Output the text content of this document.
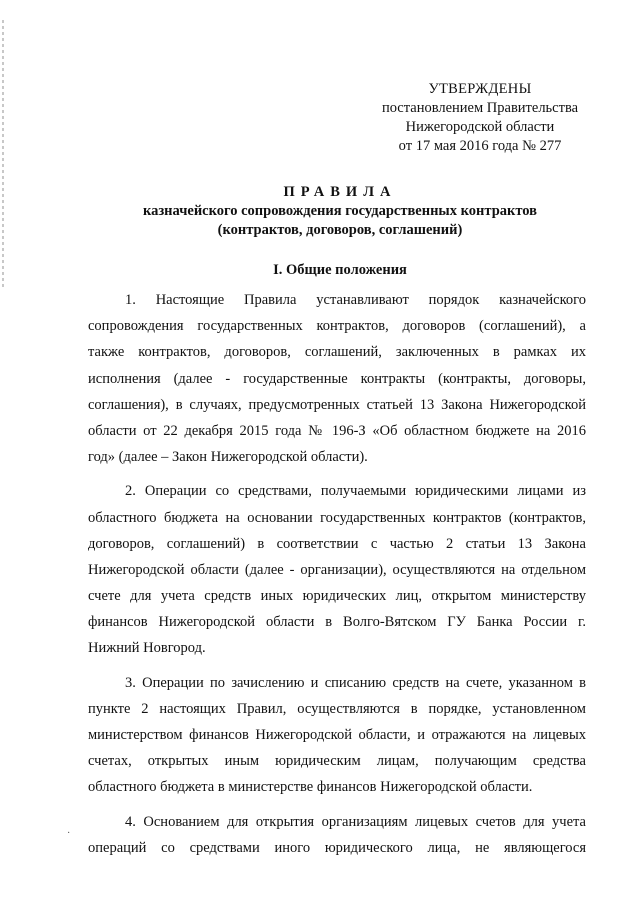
УТВЕРЖДЕНЫ
постановлением Правительства
Нижегородской области
от 17 мая 2016 года № 277
ПРАВИЛА
казначейского сопровождения государственных контрактов
(контрактов, договоров, соглашений)
I. Общие положения
1. Настоящие Правила устанавливают порядок казначейского
сопровождения государственных контрактов, договоров (соглашений), а
также контрактов, договоров, соглашений, заключенных в рамках их
исполнения (далее - государственные контракты (контракты, договоры,
соглашения), в случаях, предусмотренных статьей 13 Закона Нижегородской
области от 22 декабря 2015 года № 196-З «Об областном бюджете на 2016
год» (далее – Закон Нижегородской области).
2. Операции со средствами, получаемыми юридическими лицами из
областного бюджета на основании государственных контрактов (контрактов,
договоров, соглашений) в соответствии с частью 2 статьи 13 Закона
Нижегородской области (далее - организации), осуществляются на отдельном
счете для учета средств иных юридических лиц, открытом министерству
финансов Нижегородской области в Волго-Вятском ГУ Банка России г.
Нижний Новгород.
3. Операции по зачислению и списанию средств на счете, указанном в
пункте 2 настоящих Правил, осуществляются в порядке, установленном
министерством финансов Нижегородской области, и отражаются на лицевых
счетах, открытых иным юридическим лицам, получающим средства
областного бюджета в министерстве финансов Нижегородской области.
4. Основанием для открытия организациям лицевых счетов для учета
операций со средствами иного юридического лица, не являющегося
·
